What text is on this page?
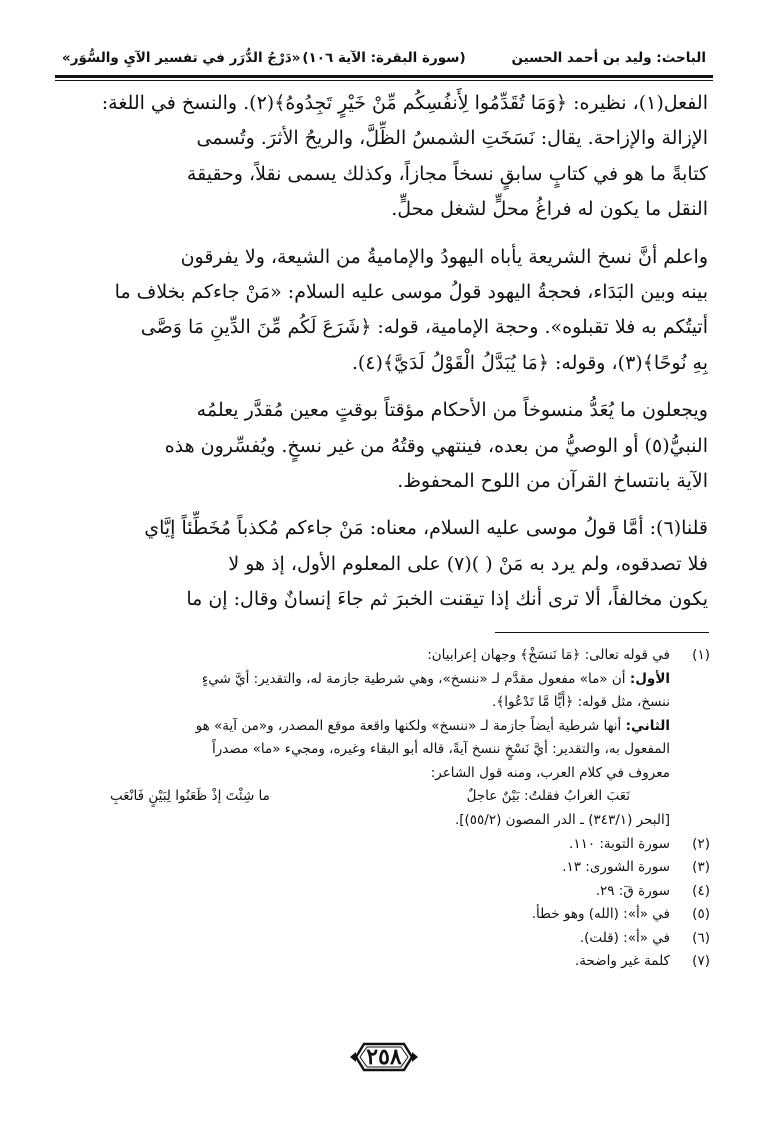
الباحث: وليد بن أحمد الحسين
(سورة البقرة: الآية ١٠٦)
«دَرْجُ الدُّرَر في تفسير الآيِ والسُّوَر»

الفعل(١)، نظيره: ﴿وَمَا تُقَدِّمُوا لِأَنفُسِكُم مِّنْ خَيْرٍ تَجِدُوهُ﴾(٢). والنسخ في اللغة:
الإزالة والإزاحة. يقال: نَسَخَتِ الشمسُ الظِّلَّ، والريحُ الأثرَ. وتُسمى
كتابةً ما هو في كتابٍ سابقٍ نسخاً مجازاً، وكذلك يسمى نقلاً، وحقيقة
النقل ما يكون له فراغُ محلٍّ لشغل محلٍّ.

واعلم أنَّ نسخ الشريعة يأباه اليهودُ والإماميةُ من الشيعة، ولا يفرقون
بينه وبين البَدَاء، فحجةُ اليهود قولُ موسى عليه السلام: «مَنْ جاءكم بخلاف ما
أتيتُكم به فلا تقبلوه». وحجة الإمامية، قوله: ﴿شَرَعَ لَكُم مِّنَ الدِّينِ مَا وَصَّى
بِهِ نُوحًا﴾(٣)، وقوله: ﴿مَا يُبَدَّلُ الْقَوْلُ لَدَيَّ﴾(٤).

ويجعلون ما يُعَدُّ منسوخاً من الأحكام مؤقتاً بوقتٍ معين مُقدَّر يعلمُه
النبيُّ(٥) أو الوصيُّ من بعده، فينتهي وقتُهُ من غير نسخٍ. ويُفسِّرون هذه
الآية بانتساخ القرآن من اللوح المحفوظ.

قلنا(٦): أمَّا قولُ موسى عليه السلام، معناه: مَنْ جاءكم مُكذباً مُخَطِّئاً إيَّاي
فلا تصدقوه، ولم يرد به مَنْ ( )(٧) على المعلوم الأول، إذ هو لا
يكون مخالفاً، ألا ترى أنك إذا تيقنت الخبرَ ثم جاءَ إنسانٌ وقال: إن ما

(١)
في قوله تعالى: ﴿مَا نَنسَخْ﴾ وجهان إعرابيان:
الأول: أن «ما» مفعول مقدَّم لـ «ننسخ»، وهي شرطية جازمة له، والتقدير: أيَّ شيءٍ
ننسخ، مثل قوله: ﴿أَيًّا مَّا تَدْعُوا﴾.
الثاني: أنها شرطية أيضاً جازمة لـ «ننسخ» ولكنها واقعة موقع المصدر، و«من آية» هو
المفعول به، والتقدير: أيَّ نَسْخٍ ننسخ آيةً، قاله أبو البقاء وغيره، ومجيء «ما» مصدراً
معروف في كلام العرب، ومنه قول الشاعر:
نَعَبَ الغرابُ فقلتُ: بَيْنٌ عاجلٌ
ما شِئْتَ إذْ ظَعَنُوا لِبَيْنٍ فَانْعَبِ
[البحر (٣٤٣/١) ـ الدر المصون (٥٥/٢)].
(٢)
سورة التوبة: ١١٠.
(٣)
سورة الشورى: ١٣.
(٤)
سورة قٓ: ٢٩.
(٥)
في «أ»: (الله) وهو خطأ.
(٦)
في «أ»: (قلت).
(٧)
كلمة غير واضحة.
٢٥٨
